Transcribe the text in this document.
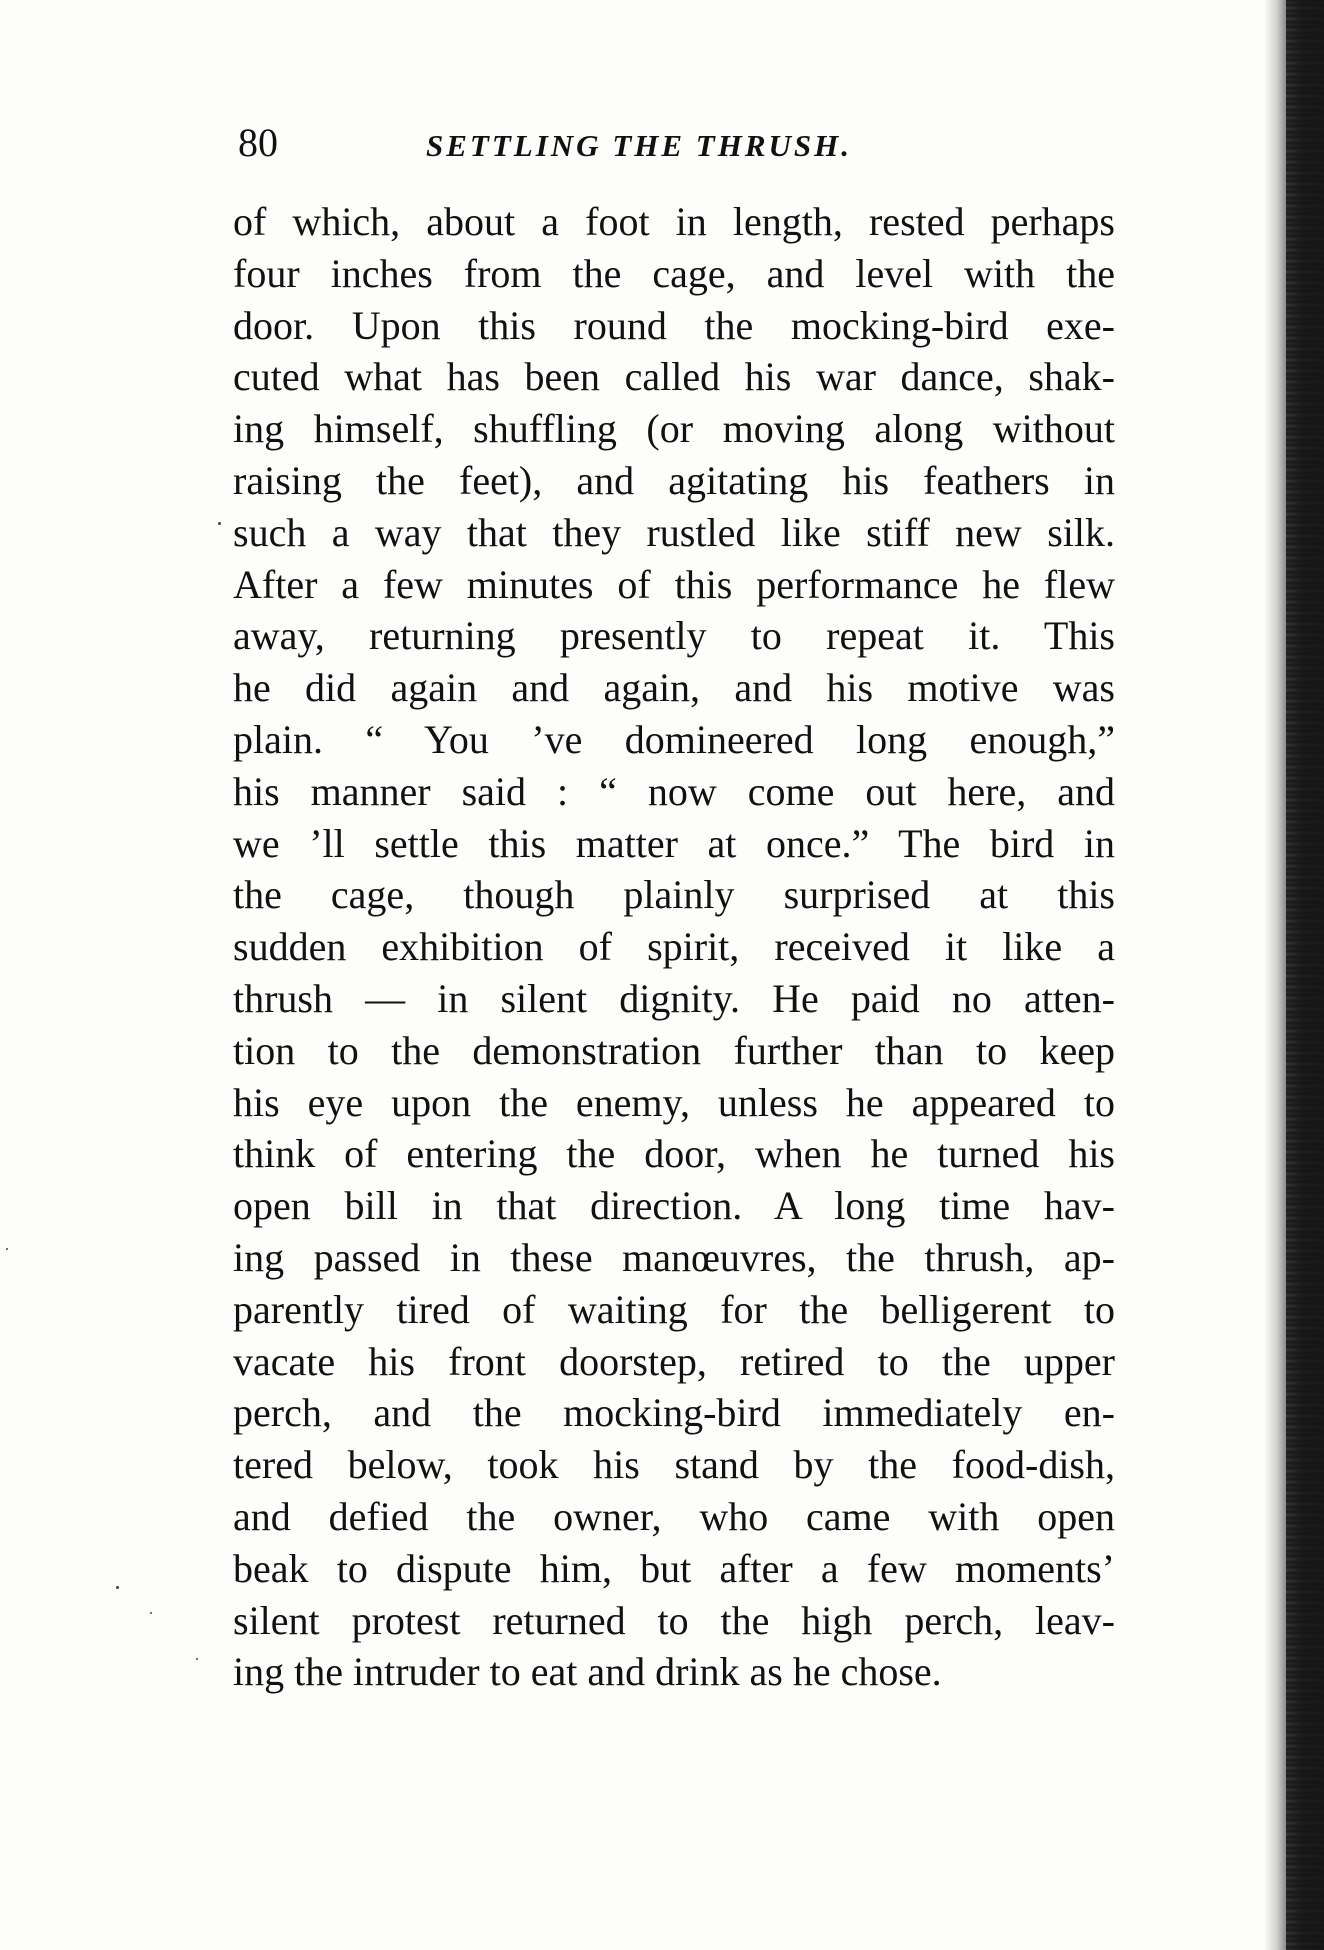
80	SETTLING THE THRUSH.
of which, about a foot in length, rested perhaps
four inches from the cage, and level with the
door. Upon this round the mocking-bird exe-
cuted what has been called his war dance, shak-
ing himself, shuffling (or moving along without
raising the feet), and agitating his feathers in
such a way that they rustled like stiff new silk.
After a few minutes of this performance he flew
away, returning presently to repeat it. This
he did again and again, and his motive was
plain. “ You ’ve domineered long enough,”
his manner said : “ now come out here, and
we ’ll settle this matter at once.” The bird in
the cage, though plainly surprised at this
sudden exhibition of spirit, received it like a
thrush — in silent dignity. He paid no atten-
tion to the demonstration further than to keep
his eye upon the enemy, unless he appeared to
think of entering the door, when he turned his
open bill in that direction. A long time hav-
ing passed in these manœuvres, the thrush, ap-
parently tired of waiting for the belligerent to
vacate his front doorstep, retired to the upper
perch, and the mocking-bird immediately en-
tered below, took his stand by the food-dish,
and defied the owner, who came with open
beak to dispute him, but after a few moments’
silent protest returned to the high perch, leav-
ing the intruder to eat and drink as he chose.
